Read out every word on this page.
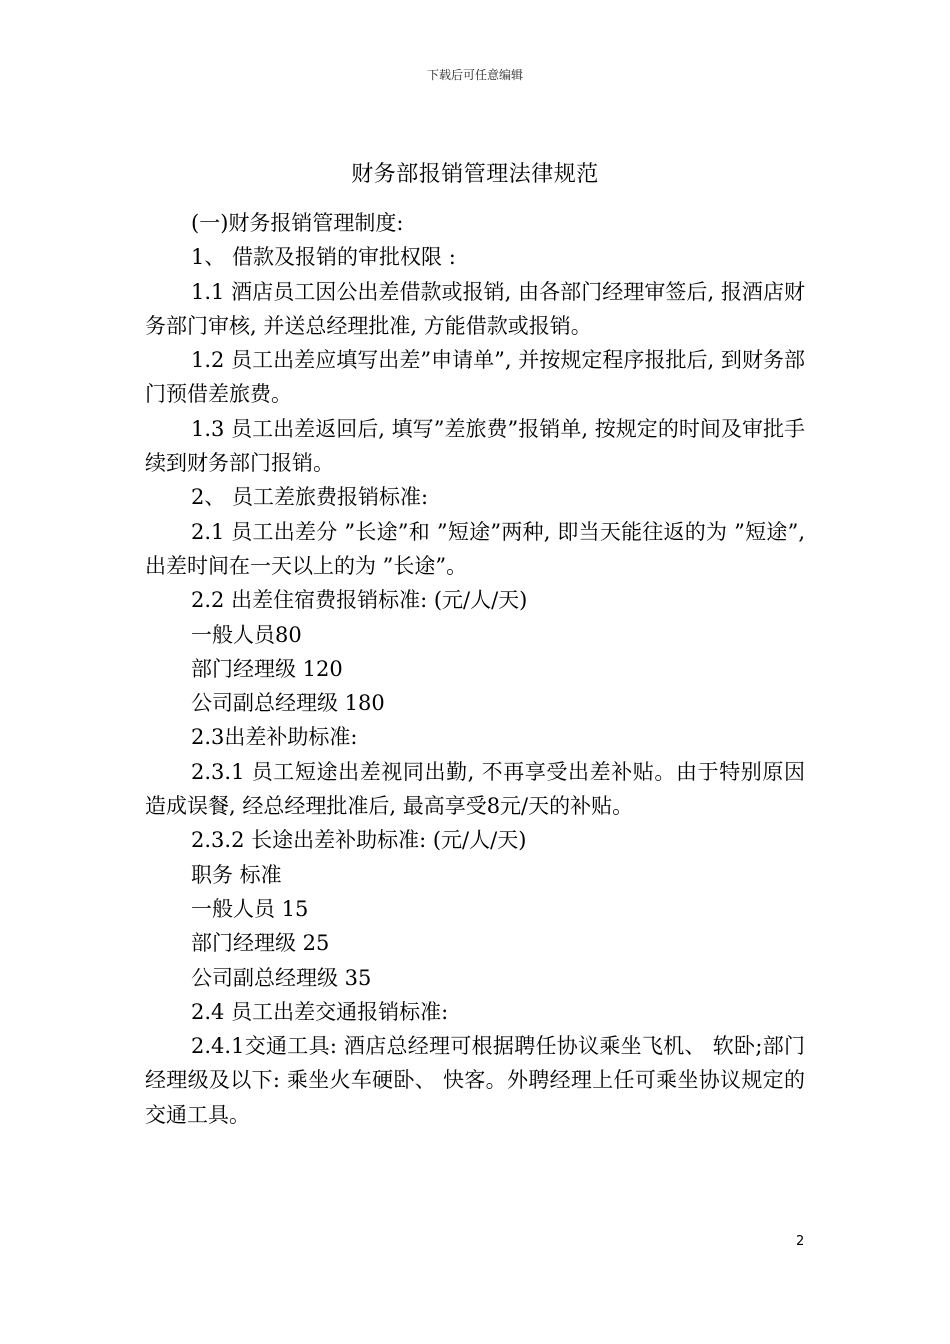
下载后可任意编辑
财务部报销管理法律规范

(一)财务报销管理制度:

1、 借款及报销的审批权限 :

1.1 酒店员工因公出差借款或报销, 由各部门经理审签后, 报酒店财务部门审核, 并送总经理批准, 方能借款或报销。

1.2 员工出差应填写出差”申请单”, 并按规定程序报批后, 到财务部门预借差旅费。

1.3 员工出差返回后, 填写”差旅费”报销单, 按规定的时间及审批手续到财务部门报销。

2、 员工差旅费报销标准:

2.1 员工出差分 ”长途”和 ”短途”两种, 即当天能往返的为 ”短途”, 出差时间在一天以上的为 ”长途”。

2.2 出差住宿费报销标准: (元/人/天)

一般人员80

部门经理级 120

公司副总经理级 180

2.3出差补助标准:

2.3.1 员工短途出差视同出勤, 不再享受出差补贴。由于特别原因造成误餐, 经总经理批准后, 最高享受8元/天的补贴。

2.3.2 长途出差补助标准: (元/人/天)

职务 标准

一般人员 15

部门经理级 25

公司副总经理级 35

2.4 员工出差交通报销标准:

2.4.1交通工具: 酒店总经理可根据聘任协议乘坐飞机、 软卧;部门经理级及以下: 乘坐火车硬卧、 快客。外聘经理上任可乘坐协议规定的交通工具。

2
